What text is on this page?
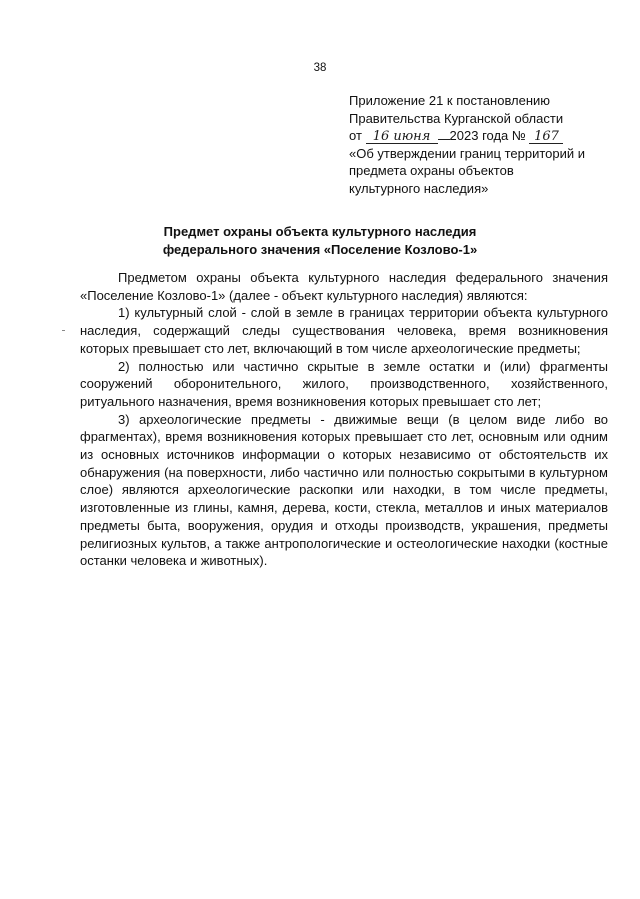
38
Приложение 21 к постановлению
Правительства Курганской области
от 16 июня 2023 года № 167
«Об утверждении границ территорий и
предмета охраны объектов
культурного наследия»
Предмет охраны объекта культурного наследия
федерального значения «Поселение Козлово-1»

Предметом охраны объекта культурного наследия федерального значения «Поселение Козлово-1» (далее - объект культурного наследия) являются:

1) культурный слой - слой в земле в границах территории объекта культурного наследия, содержащий следы существования человека, время возникновения которых превышает сто лет, включающий в том числе археологические предметы;

2) полностью или частично скрытые в земле остатки и (или) фрагменты сооружений оборонительного, жилого, производственного, хозяйственного, ритуального назначения, время возникновения которых превышает сто лет;

3) археологические предметы - движимые вещи (в целом виде либо во фрагментах), время возникновения которых превышает сто лет, основным или одним из основных источников информации о которых независимо от обстоятельств их обнаружения (на поверхности, либо частично или полностью сокрытыми в культурном слое) являются археологические раскопки или находки, в том числе предметы, изготовленные из глины, камня, дерева, кости, стекла, металлов и иных материалов предметы быта, вооружения, орудия и отходы производств, украшения, предметы религиозных культов, а также антропологические и остеологические находки (костные останки человека и животных).
